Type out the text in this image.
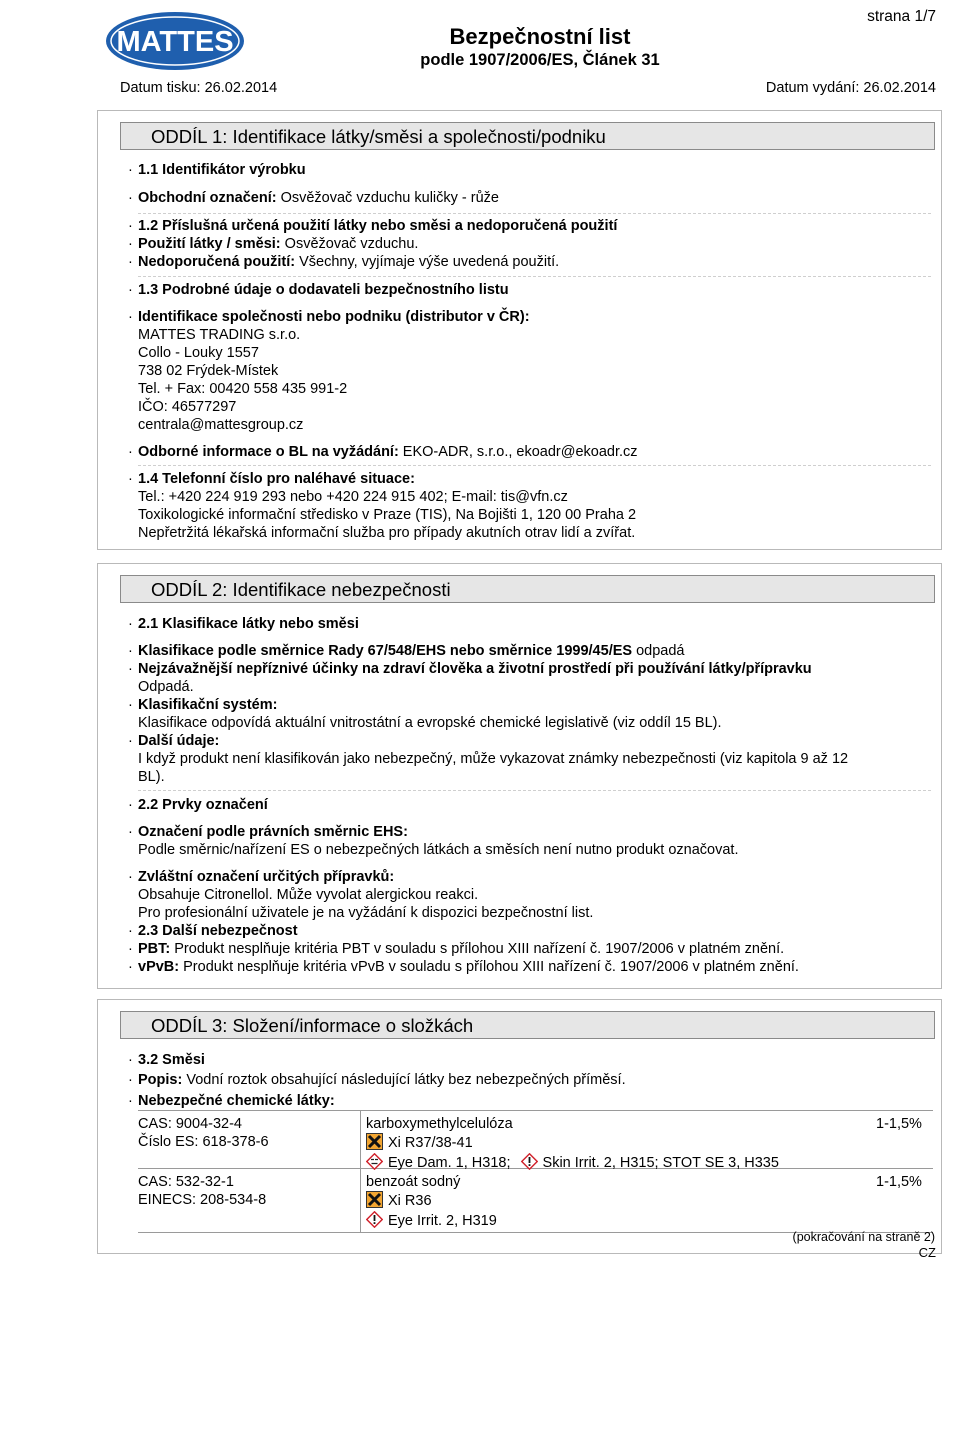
MATTES	Bezpečnostní list
podle 1907/2006/ES, Článek 31
strana 1/7
Datum tisku: 26.02.2014	Datum vydání: 26.02.2014
ODDÍL 1: Identifikace látky/směsi a společnosti/podniku
· 1.1 Identifikátor výrobku
· Obchodní označení: Osvěžovač vzduchu kuličky - růže
· 1.2 Příslušná určená použití látky nebo směsi a nedoporučená použití
· Použití látky / směsi: Osvěžovač vzduchu.
· Nedoporučená použití: Všechny, vyjímaje výše uvedená použití.
· 1.3 Podrobné údaje o dodavateli bezpečnostního listu
· Identifikace společnosti nebo podniku (distributor v ČR):
MATTES TRADING s.r.o.
Collo - Louky 1557
738 02 Frýdek-Místek
Tel. + Fax: 00420 558 435 991-2
IČO: 46577297
centrala@mattesgroup.cz
· Odborné informace o BL na vyžádání: EKO-ADR, s.r.o., ekoadr@ekoadr.cz
· 1.4 Telefonní číslo pro naléhavé situace:
Tel.: +420 224 919 293 nebo +420 224 915 402; E-mail: tis@vfn.cz
Toxikologické informační středisko v Praze (TIS), Na Bojišti 1, 120 00 Praha 2
Nepřetržitá lékařská informační služba pro případy akutních otrav lidí a zvířat.
ODDÍL 2: Identifikace nebezpečnosti
· 2.1 Klasifikace látky nebo směsi
· Klasifikace podle směrnice Rady 67/548/EHS nebo směrnice 1999/45/ES odpadá
· Nejzávažnější nepříznivé účinky na zdraví člověka a životní prostředí při používání látky/přípravku
Odpadá.
· Klasifikační systém:
Klasifikace odpovídá aktuální vnitrostátní a evropské chemické legislativě (viz oddíl 15 BL).
· Další údaje:
I když produkt není klasifikován jako nebezpečný, může vykazovat známky nebezpečnosti (viz kapitola 9 až 12
BL).
· 2.2 Prvky označení
· Označení podle právních směrnic EHS:
Podle směrnic/nařízení ES o nebezpečných látkách a směsích není nutno produkt označovat.
· Zvláštní označení určitých přípravků:
Obsahuje Citronellol. Může vyvolat alergickou reakci.
Pro profesionální uživatele je na vyžádání k dispozici bezpečnostní list.
· 2.3 Další nebezpečnost
· PBT: Produkt nesplňuje kritéria PBT v souladu s přílohou XIII nařízení č. 1907/2006 v platném znění.
· vPvB: Produkt nesplňuje kritéria vPvB v souladu s přílohou XIII nařízení č. 1907/2006 v platném znění.
ODDÍL 3: Složení/informace o složkách
· 3.2 Směsi
· Popis: Vodní roztok obsahující následující látky bez nebezpečných příměsí.
· Nebezpečné chemické látky:
CAS: 9004-32-4
Číslo ES: 618-378-6
karboxymethylcelulóza
Xi R37/38-41
Eye Dam. 1, H318; Skin Irrit. 2, H315; STOT SE 3, H335
1-1,5%
CAS: 532-32-1
EINECS: 208-534-8
benzoát sodný
Xi R36
Eye Irrit. 2, H319
1-1,5%
(pokračování na straně 2)
CZ
